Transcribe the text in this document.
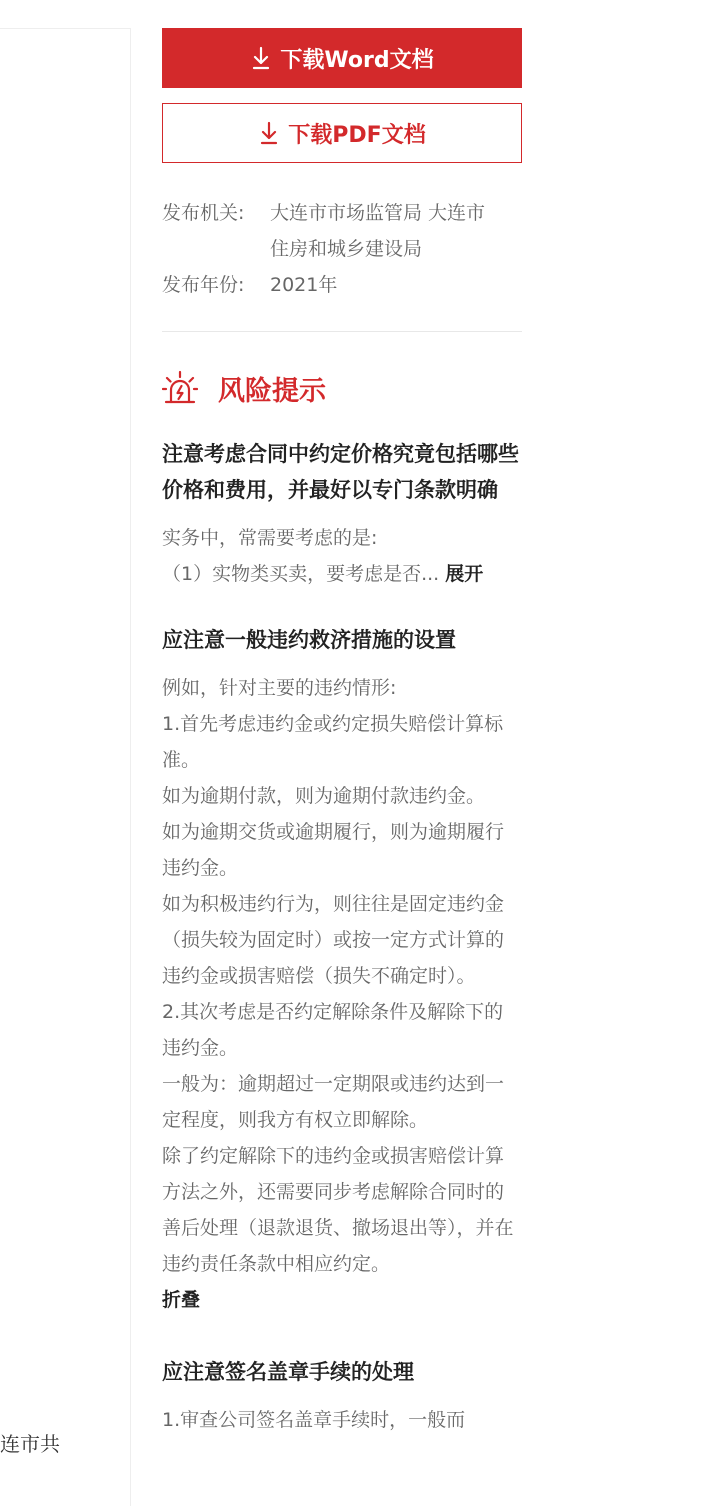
连市共
下载Word文档
下载PDF文档
发布机关:	大连市市场监管局 大连市
住房和城乡建设局
发布年份:	2021年
风险提示
注意考虑合同中约定价格究竟包括哪些价格和费用，并最好以专门条款明确
实务中，常需要考虑的是:
（1）实物类买卖，要考虑是否... 展开
应注意一般违约救济措施的设置
例如，针对主要的违约情形:
1.首先考虑违约金或约定损失赔偿计算标准。
如为逾期付款，则为逾期付款违约金。
如为逾期交货或逾期履行，则为逾期履行违约金。
如为积极违约行为，则往往是固定违约金（损失较为固定时）或按一定方式计算的违约金或损害赔偿（损失不确定时）。
2.其次考虑是否约定解除条件及解除下的违约金。
一般为：逾期超过一定期限或违约达到一定程度，则我方有权立即解除。
除了约定解除下的违约金或损害赔偿计算方法之外，还需要同步考虑解除合同时的善后处理（退款退货、撤场退出等），并在违约责任条款中相应约定。
折叠
应注意签名盖章手续的处理
1.审查公司签名盖章手续时，一般而
